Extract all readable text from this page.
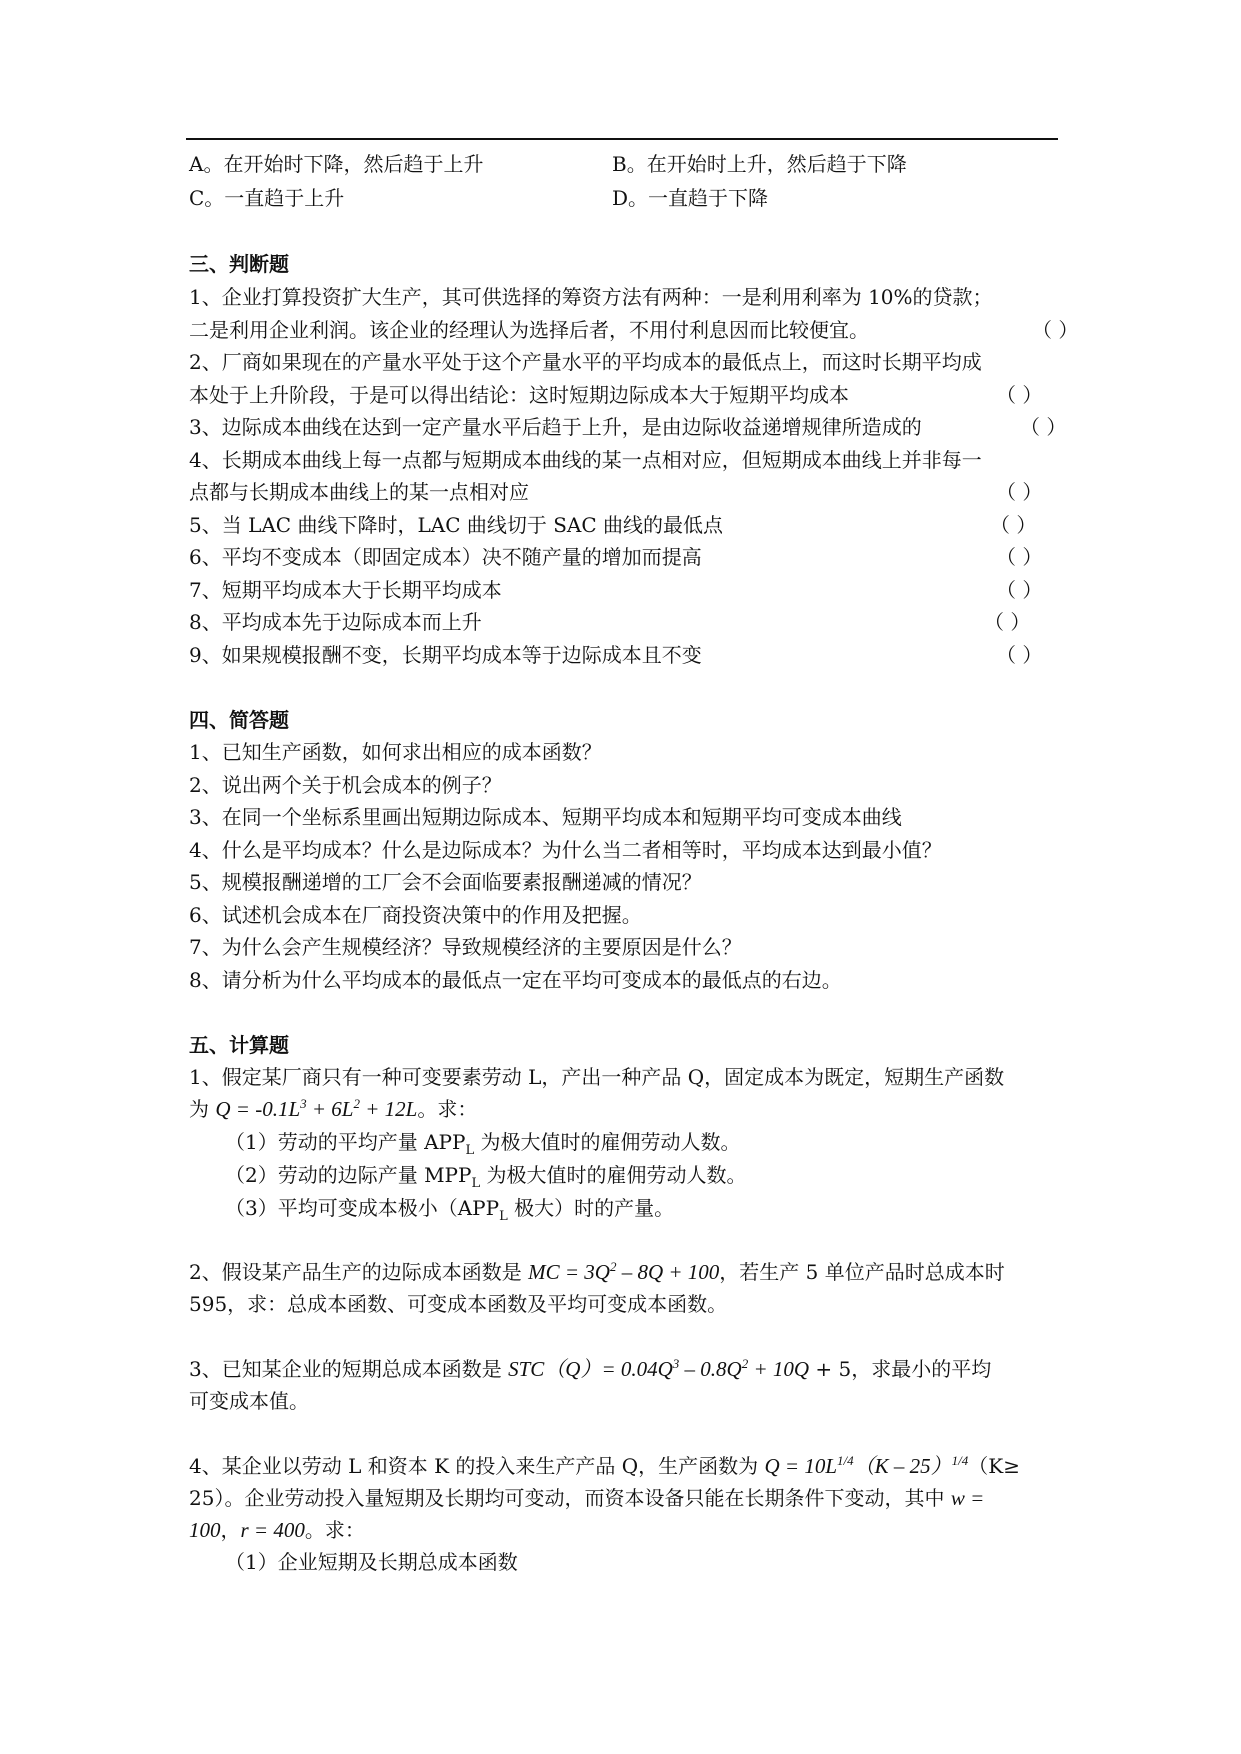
A。在开始时下降，然后趋于上升	B。在开始时上升，然后趋于下降
C。一直趋于上升	D。一直趋于下降
三、判断题
1、企业打算投资扩大生产，其可供选择的筹资方法有两种：一是利用利率为 10%的贷款；
二是利用企业利润。该企业的经理认为选择后者，不用付利息因而比较便宜。	（ ）
2、厂商如果现在的产量水平处于这个产量水平的平均成本的最低点上，而这时长期平均成
本处于上升阶段，于是可以得出结论：这时短期边际成本大于短期平均成本	（ ）
3、边际成本曲线在达到一定产量水平后趋于上升，是由边际收益递增规律所造成的	（ ）
4、长期成本曲线上每一点都与短期成本曲线的某一点相对应，但短期成本曲线上并非每一
点都与长期成本曲线上的某一点相对应	（ ）
5、当 LAC 曲线下降时，LAC 曲线切于 SAC 曲线的最低点	（ ）
6、平均不变成本（即固定成本）决不随产量的增加而提高	（ ）
7、短期平均成本大于长期平均成本	（ ）
8、平均成本先于边际成本而上升	（ ）
9、如果规模报酬不变，长期平均成本等于边际成本且不变	（ ）
四、简答题
1、已知生产函数，如何求出相应的成本函数？
2、说出两个关于机会成本的例子？
3、在同一个坐标系里画出短期边际成本、短期平均成本和短期平均可变成本曲线
4、什么是平均成本？什么是边际成本？为什么当二者相等时，平均成本达到最小值？
5、规模报酬递增的工厂会不会面临要素报酬递减的情况？
6、试述机会成本在厂商投资决策中的作用及把握。
7、为什么会产生规模经济？导致规模经济的主要原因是什么？
8、请分析为什么平均成本的最低点一定在平均可变成本的最低点的右边。
五、计算题
1、假定某厂商只有一种可变要素劳动 L，产出一种产品 Q，固定成本为既定，短期生产函数
为 $Q = -0.1L^3 + 6L^2 + 12L$。求：
（1）劳动的平均产量 $APP_L$ 为极大值时的雇佣劳动人数。
（2）劳动的边际产量 $MPP_L$ 为极大值时的雇佣劳动人数。
（3）平均可变成本极小（$APP_L$ 极大）时的产量。
2、假设某产品生产的边际成本函数是 MC = $3Q^2 - 8Q + 100$，若生产 5 单位产品时总成本时
595，求：总成本函数、可变成本函数及平均可变成本函数。
3、已知某企业的短期总成本函数是 $STC(Q)= 0.04Q^3 - 0.8Q^2 + 10Q + 5$，求最小的平均
可变成本值。
4、某企业以劳动 L 和资本 K 的投入来生产产品 Q，生产函数为 $Q = 10L^{1/4}(K - 25)^{1/4}(K\ge$
25）。企业劳动投入量短期及长期均可变动，而资本设备只能在长期条件下变动，其中 w =
100，r = 400。求：
（1）企业短期及长期总成本函数
